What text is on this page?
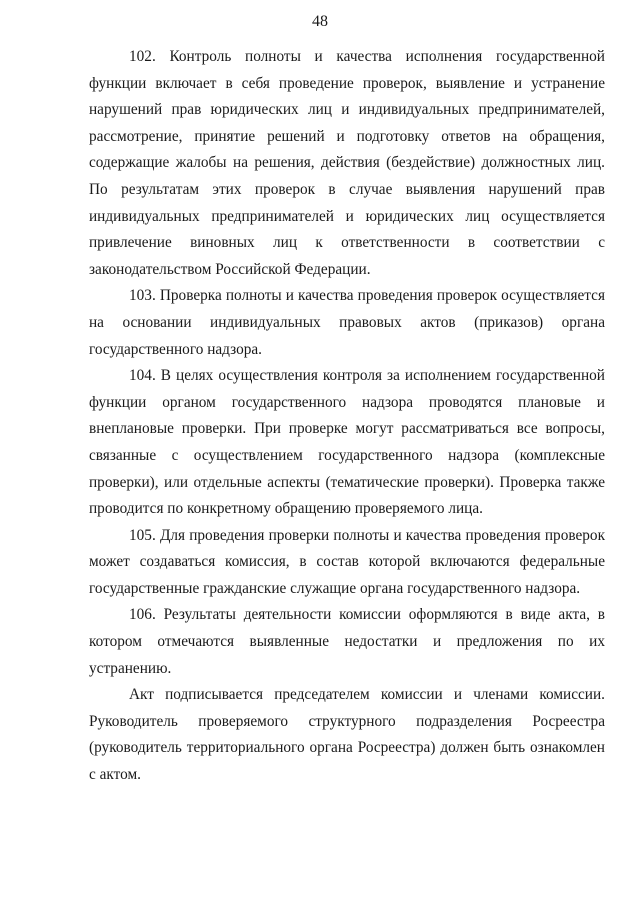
48

102. Контроль полноты и качества исполнения государственной функции включает в себя проведение проверок, выявление и устранение нарушений прав юридических лиц и индивидуальных предпринимателей, рассмотрение, принятие решений и подготовку ответов на обращения, содержащие жалобы на решения, действия (бездействие) должностных лиц. По результатам этих проверок в случае выявления нарушений прав индивидуальных предпринимателей и юридических лиц осуществляется привлечение виновных лиц к ответственности в соответствии с законодательством Российской Федерации.

103. Проверка полноты и качества проведения проверок осуществляется на основании индивидуальных правовых актов (приказов) органа государственного надзора.

104. В целях осуществления контроля за исполнением государственной функции органом государственного надзора проводятся плановые и внеплановые проверки. При проверке могут рассматриваться все вопросы, связанные с осуществлением государственного надзора (комплексные проверки), или отдельные аспекты (тематические проверки). Проверка также проводится по конкретному обращению проверяемого лица.

105. Для проведения проверки полноты и качества проведения проверок может создаваться комиссия, в состав которой включаются федеральные государственные гражданские служащие органа государственного надзора.

106. Результаты деятельности комиссии оформляются в виде акта, в котором отмечаются выявленные недостатки и предложения по их устранению.

Акт подписывается председателем комиссии и членами комиссии. Руководитель проверяемого структурного подразделения Росреестра (руководитель территориального органа Росреестра) должен быть ознакомлен с актом.
